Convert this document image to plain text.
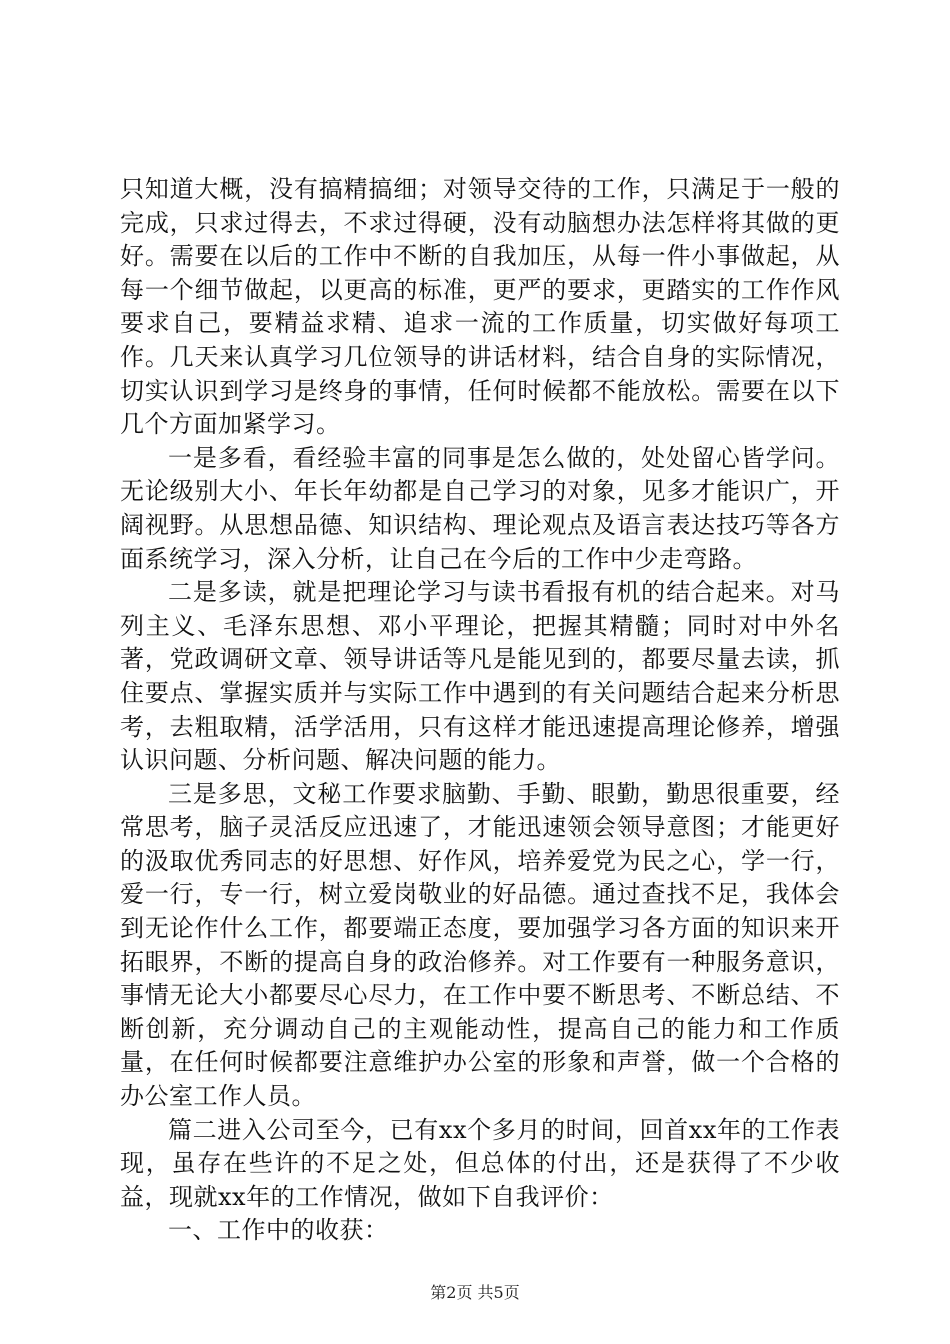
只知道大概，没有搞精搞细；对领导交待的工作，只满足于一般的完成，只求过得去，不求过得硬，没有动脑想办法怎样将其做的更好。需要在以后的工作中不断的自我加压，从每一件小事做起，从每一个细节做起，以更高的标准，更严的要求，更踏实的工作作风要求自己，要精益求精、追求一流的工作质量，切实做好每项工作。几天来认真学习几位领导的讲话材料，结合自身的实际情况，切实认识到学习是终身的事情，任何时候都不能放松。需要在以下几个方面加紧学习。

一是多看，看经验丰富的同事是怎么做的，处处留心皆学问。无论级别大小、年长年幼都是自己学习的对象，见多才能识广，开阔视野。从思想品德、知识结构、理论观点及语言表达技巧等各方面系统学习，深入分析，让自己在今后的工作中少走弯路。

二是多读，就是把理论学习与读书看报有机的结合起来。对马列主义、毛泽东思想、邓小平理论，把握其精髓；同时对中外名著，党政调研文章、领导讲话等凡是能见到的，都要尽量去读，抓住要点、掌握实质并与实际工作中遇到的有关问题结合起来分析思考，去粗取精，活学活用，只有这样才能迅速提高理论修养，增强认识问题、分析问题、解决问题的能力。

三是多思，文秘工作要求脑勤、手勤、眼勤，勤思很重要，经常思考，脑子灵活反应迅速了，才能迅速领会领导意图；才能更好的汲取优秀同志的好思想、好作风，培养爱党为民之心，学一行，爱一行，专一行，树立爱岗敬业的好品德。通过查找不足，我体会到无论作什么工作，都要端正态度，要加强学习各方面的知识来开拓眼界，不断的提高自身的政治修养。对工作要有一种服务意识，事情无论大小都要尽心尽力，在工作中要不断思考、不断总结、不断创新，充分调动自己的主观能动性，提高自己的能力和工作质量，在任何时候都要注意维护办公室的形象和声誉，做一个合格的办公室工作人员。

篇二进入公司至今，已有xx个多月的时间，回首xx年的工作表现，虽存在些许的不足之处，但总体的付出，还是获得了不少收益，现就xx年的工作情况，做如下自我评价：

一、工作中的收获：

第2页 共5页
